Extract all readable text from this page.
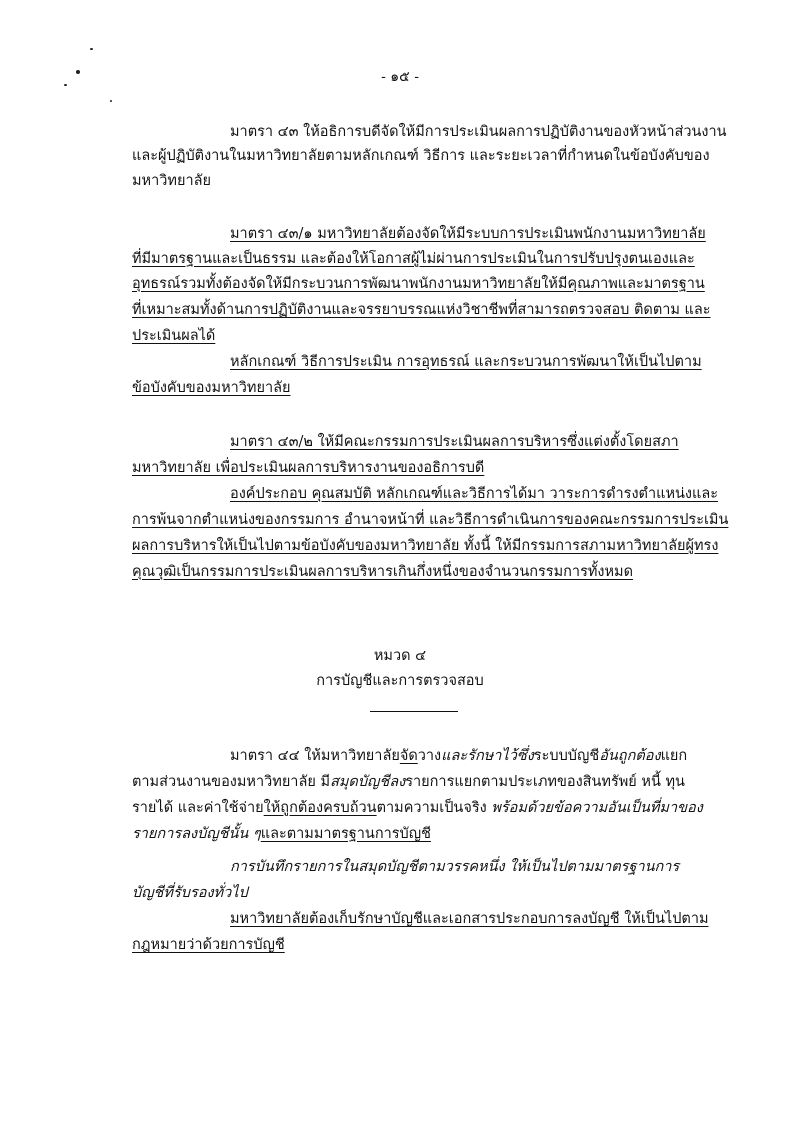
- ๑๕ -
มาตรา ๔๓ ให้อธิการบดีจัดให้มีการประเมินผลการปฏิบัติงานของหัวหน้าส่วนงาน
และผู้ปฏิบัติงานในมหาวิทยาลัยตามหลักเกณฑ์ วิธีการ และระยะเวลาที่กำหนดในข้อบังคับของ
มหาวิทยาลัย
มาตรา ๔๓/๑ มหาวิทยาลัยต้องจัดให้มีระบบการประเมินพนักงานมหาวิทยาลัย
ที่มีมาตรฐานและเป็นธรรม และต้องให้โอกาสผู้ไม่ผ่านการประเมินในการปรับปรุงตนเองและ
อุทธรณ์รวมทั้งต้องจัดให้มีกระบวนการพัฒนาพนักงานมหาวิทยาลัยให้มีคุณภาพและมาตรฐาน
ที่เหมาะสมทั้งด้านการปฏิบัติงานและจรรยาบรรณแห่งวิชาชีพที่สามารถตรวจสอบ ติดตาม และ
ประเมินผลได้
หลักเกณฑ์ วิธีการประเมิน การอุทธรณ์ และกระบวนการพัฒนาให้เป็นไปตาม
ข้อบังคับของมหาวิทยาลัย
มาตรา ๔๓/๒ ให้มีคณะกรรมการประเมินผลการบริหารซึ่งแต่งตั้งโดยสภา
มหาวิทยาลัย เพื่อประเมินผลการบริหารงานของอธิการบดี
องค์ประกอบ คุณสมบัติ หลักเกณฑ์และวิธีการได้มา วาระการดำรงตำแหน่งและ
การพ้นจากตำแหน่งของกรรมการ อำนาจหน้าที่ และวิธีการดำเนินการของคณะกรรมการประเมิน
ผลการบริหารให้เป็นไปตามข้อบังคับของมหาวิทยาลัย ทั้งนี้ ให้มีกรรมการสภามหาวิทยาลัยผู้ทรง
คุณวุฒิเป็นกรรมการประเมินผลการบริหารเกินกึ่งหนึ่งของจำนวนกรรมการทั้งหมด
หมวด ๔
การบัญชีและการตรวจสอบ
มาตรา ๔๔ ให้มหาวิทยาลัยจัดวางและรักษาไว้ซึ่งระบบบัญชีอันถูกต้องแยก
ตามส่วนงานของมหาวิทยาลัย มีสมุดบัญชีลงรายการแยกตามประเภทของสินทรัพย์ หนี้ ทุน
รายได้ และค่าใช้จ่ายให้ถูกต้องครบถ้วนตามความเป็นจริง พร้อมด้วยข้อความอันเป็นที่มาของ
รายการลงบัญชีนั้น ๆและตามมาตรฐานการบัญชี
การบันทึกรายการในสมุดบัญชีตามวรรคหนึ่ง ให้เป็นไปตามมาตรฐานการ
บัญชีที่รับรองทั่วไป
มหาวิทยาลัยต้องเก็บรักษาบัญชีและเอกสารประกอบการลงบัญชี ให้เป็นไปตาม
กฎหมายว่าด้วยการบัญชี
